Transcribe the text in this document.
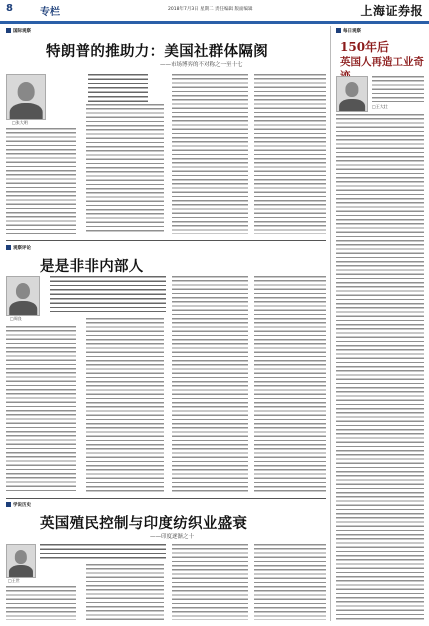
8	专栏	2018年7月3日 星期二 责任编辑 版面编辑	上海证券报
国际观察
特朗普的推助力：美国社群体隔阂
——市场博弈的不对称之一至十七
□张大明
观察评论
是是非非内部人
□周良
学说历史
英国殖民控制与印度纺织业盛衰
——印度逐渐之十
□王世
每日观察
150年后
英国人再造工业奇
□王大壮
